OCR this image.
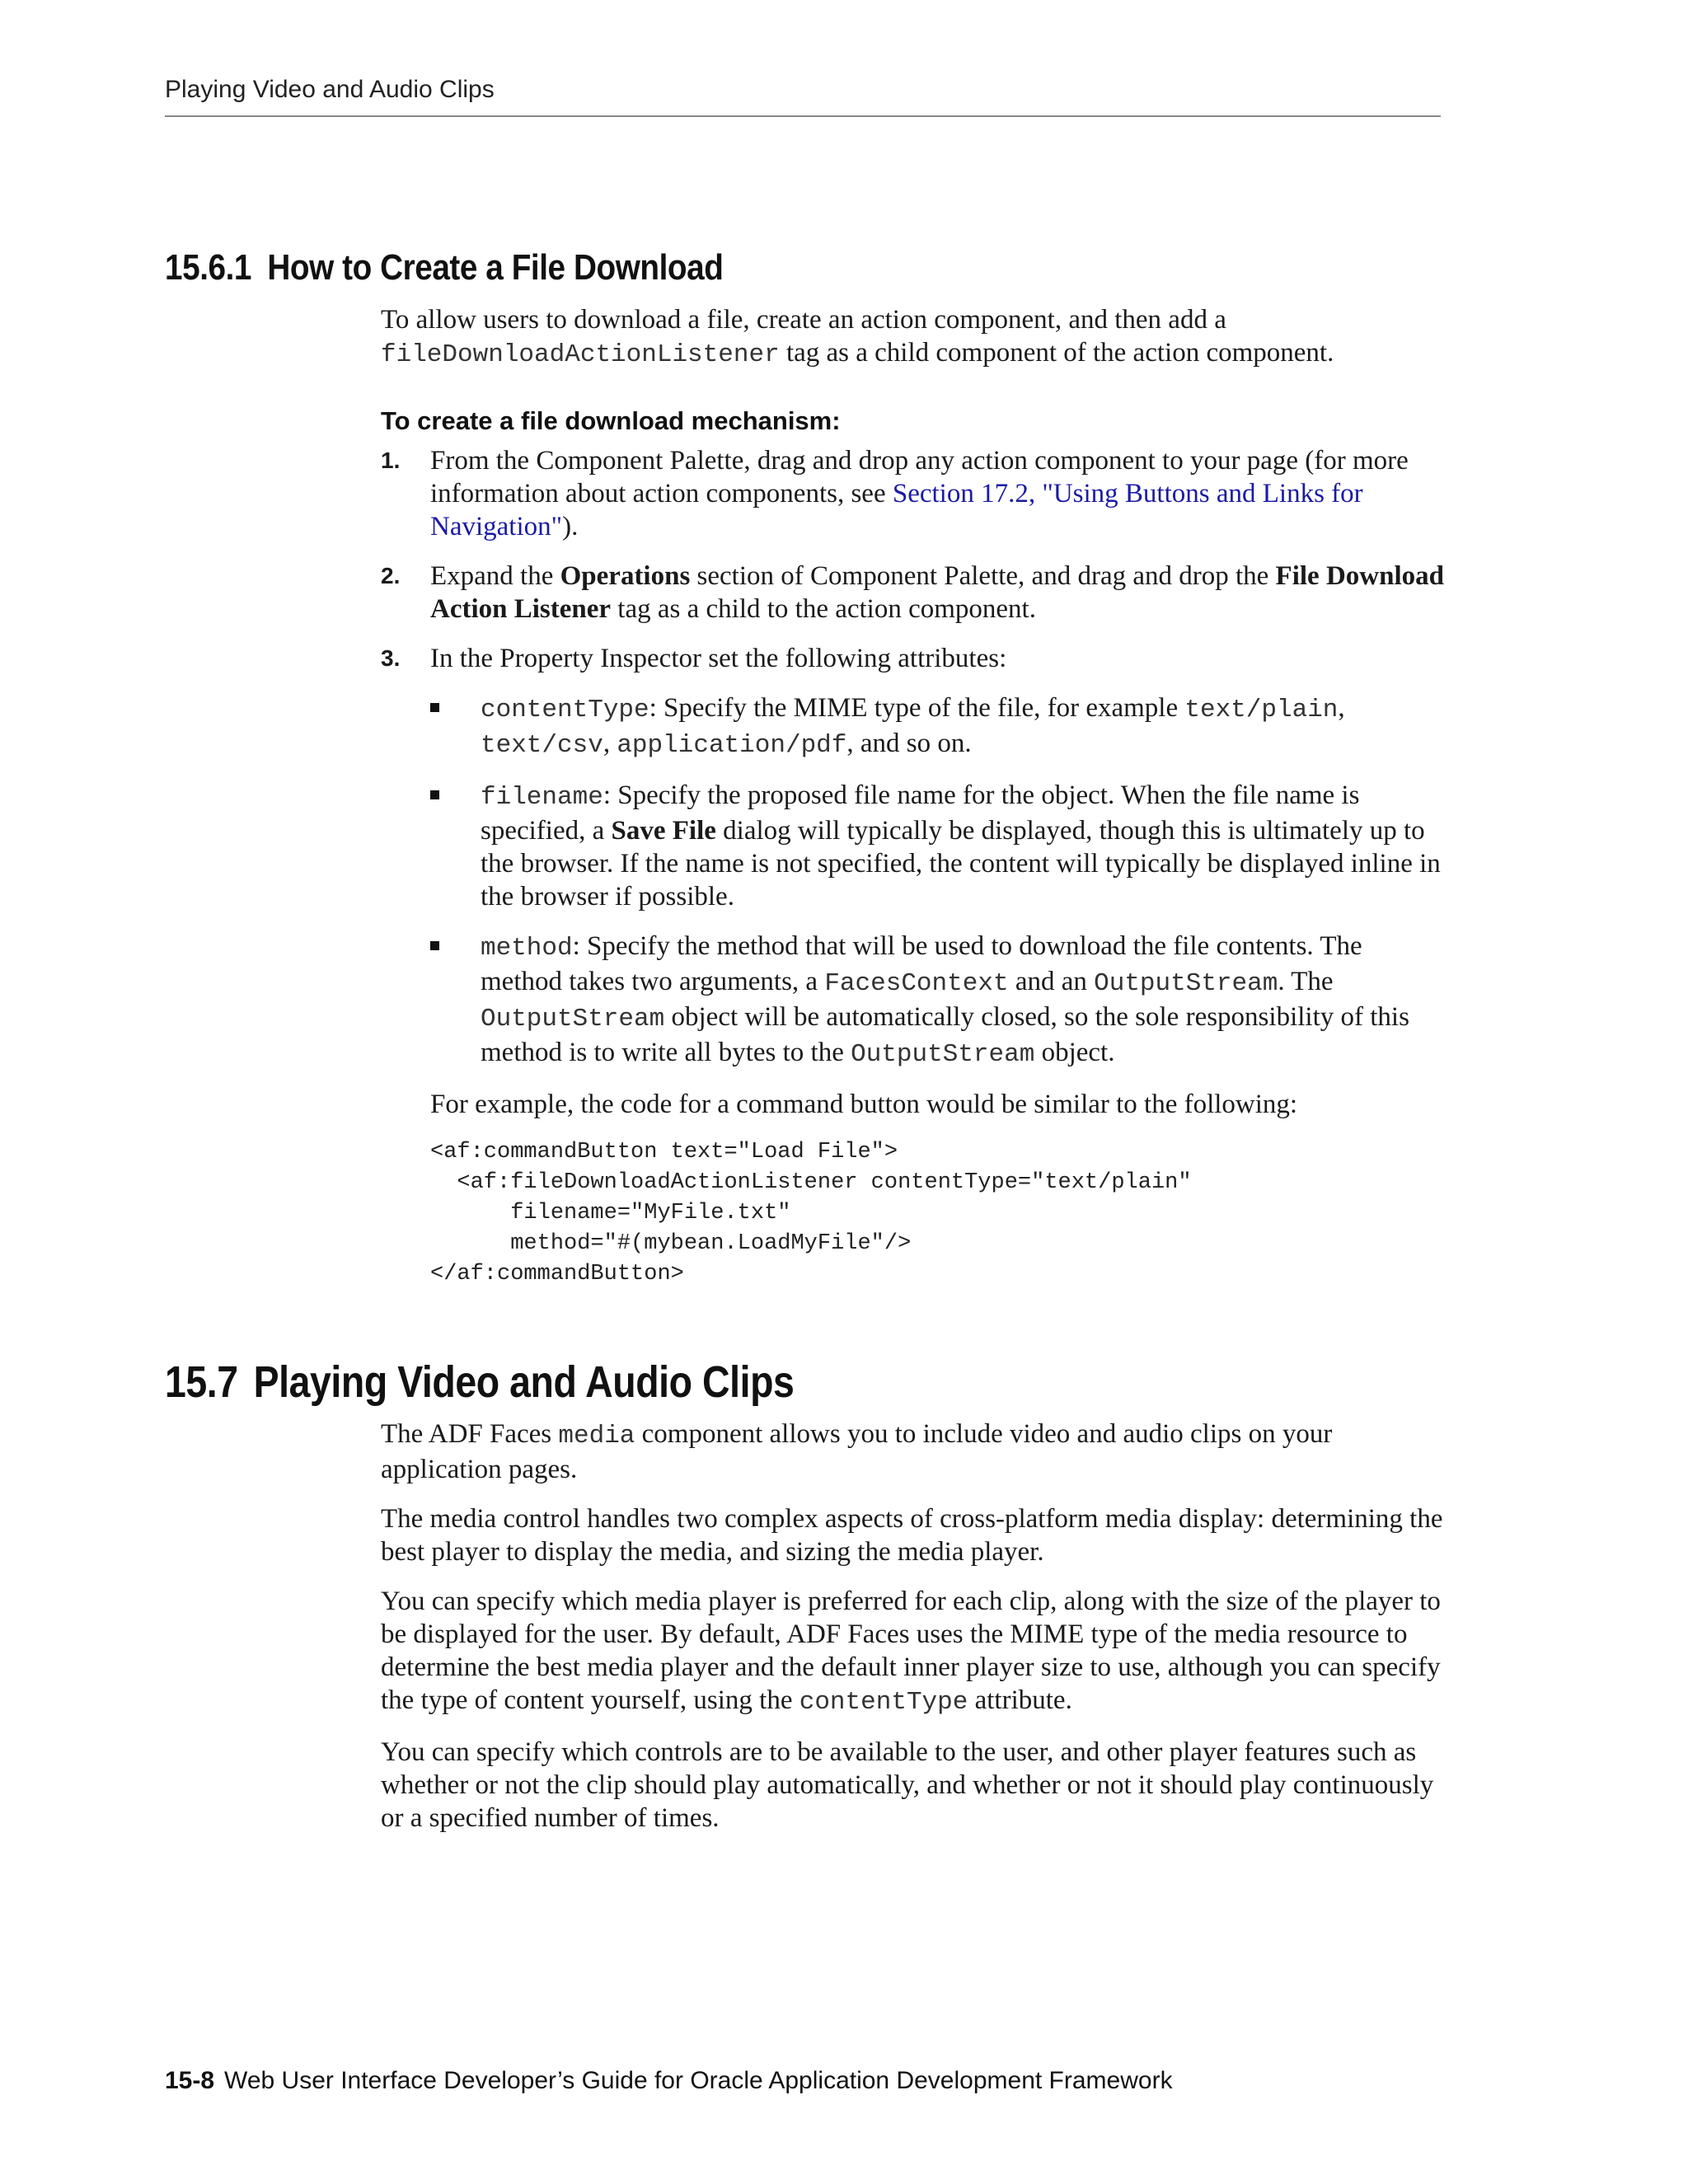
Playing Video and Audio Clips
15.6.1 How to Create a File Download

To allow users to download a file, create an action component, and then add a fileDownloadActionListener tag as a child component of the action component.

To create a file download mechanism:
1. From the Component Palette, drag and drop any action component to your page (for more information about action components, see Section 17.2, "Using Buttons and Links for Navigation").
2. Expand the Operations section of Component Palette, and drag and drop the File Download Action Listener tag as a child to the action component.
3. In the Property Inspector set the following attributes:
contentType: Specify the MIME type of the file, for example text/plain, text/csv, application/pdf, and so on.
filename: Specify the proposed file name for the object. When the file name is specified, a Save File dialog will typically be displayed, though this is ultimately up to the browser. If the name is not specified, the content will typically be displayed inline in the browser if possible.
method: Specify the method that will be used to download the file contents. The method takes two arguments, a FacesContext and an OutputStream. The OutputStream object will be automatically closed, so the sole responsibility of this method is to write all bytes to the OutputStream object.

For example, the code for a command button would be similar to the following:

<af:commandButton text="Load File">
<af:fileDownloadActionListener contentType="text/plain"
filename="MyFile.txt"
method="#(mybean.LoadMyFile"/>
</af:commandButton>
15.7 Playing Video and Audio Clips

The ADF Faces media component allows you to include video and audio clips on your application pages.

The media control handles two complex aspects of cross-platform media display: determining the best player to display the media, and sizing the media player.

You can specify which media player is preferred for each clip, along with the size of the player to be displayed for the user. By default, ADF Faces uses the MIME type of the media resource to determine the best media player and the default inner player size to use, although you can specify the type of content yourself, using the contentType attribute.

You can specify which controls are to be available to the user, and other player features such as whether or not the clip should play automatically, and whether or not it should play continuously or a specified number of times.

15-8 Web User Interface Developer’s Guide for Oracle Application Development Framework
